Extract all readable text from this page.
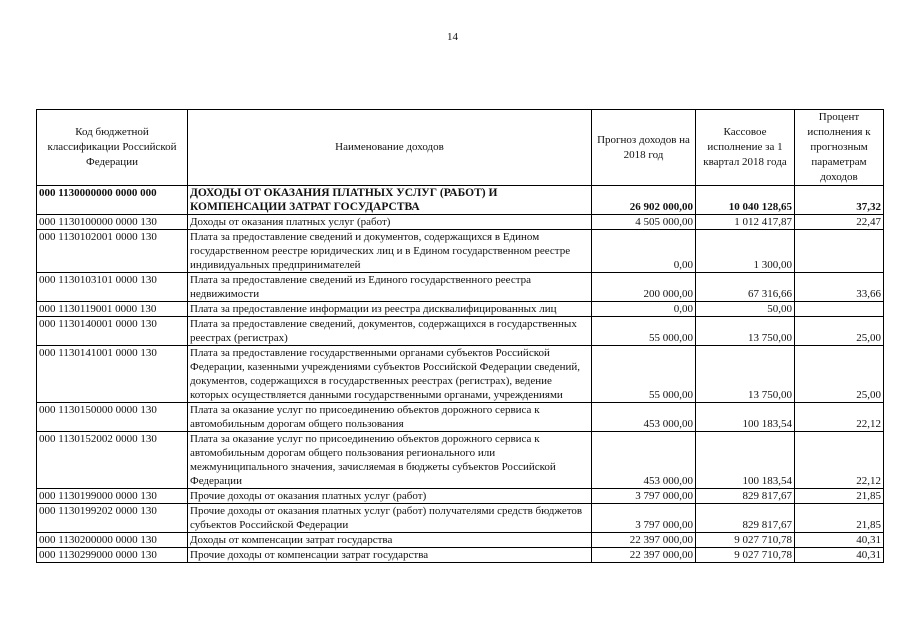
14
Код бюджетной классификации Российской Федерации	Наименование доходов	Прогноз доходов на 2018 год	Кассовое исполнение за 1 квартал 2018 года	Процент исполнения к прогнозным параметрам доходов
000 1130000000 0000 000	ДОХОДЫ ОТ ОКАЗАНИЯ ПЛАТНЫХ УСЛУГ (РАБОТ) И КОМПЕНСАЦИИ ЗАТРАТ ГОСУДАРСТВА	26 902 000,00	10 040 128,65	37,32
000 1130100000 0000 130	Доходы от оказания платных услуг (работ)	4 505 000,00	1 012 417,87	22,47
000 1130102001 0000 130	Плата за предоставление сведений и документов, содержащихся в Едином государственном реестре юридических лиц и в Едином государственном реестре индивидуальных предпринимателей	0,00	1 300,00	
000 1130103101 0000 130	Плата за предоставление сведений из Единого государственного реестра недвижимости	200 000,00	67 316,66	33,66
000 1130119001 0000 130	Плата за предоставление информации из реестра дисквалифицированных лиц	0,00	50,00	
000 1130140001 0000 130	Плата за предоставление сведений, документов, содержащихся в государственных реестрах (регистрах)	55 000,00	13 750,00	25,00
000 1130141001 0000 130	Плата за предоставление государственными органами субъектов Российской Федерации, казенными учреждениями субъектов Российской Федерации сведений, документов, содержащихся в государственных реестрах (регистрах), ведение которых осуществляется данными государственными органами, учреждениями	55 000,00	13 750,00	25,00
000 1130150000 0000 130	Плата за оказание услуг по присоединению объектов дорожного сервиса к автомобильным дорогам общего пользования	453 000,00	100 183,54	22,12
000 1130152002 0000 130	Плата за оказание услуг по присоединению объектов дорожного сервиса к автомобильным дорогам общего пользования регионального или межмуниципального значения, зачисляемая в бюджеты субъектов Российской Федерации	453 000,00	100 183,54	22,12
000 1130199000 0000 130	Прочие доходы от оказания платных услуг (работ)	3 797 000,00	829 817,67	21,85
000 1130199202 0000 130	Прочие доходы от оказания платных услуг (работ) получателями средств бюджетов субъектов Российской Федерации	3 797 000,00	829 817,67	21,85
000 1130200000 0000 130	Доходы от компенсации затрат государства	22 397 000,00	9 027 710,78	40,31
000 1130299000 0000 130	Прочие доходы от компенсации затрат государства	22 397 000,00	9 027 710,78	40,31
